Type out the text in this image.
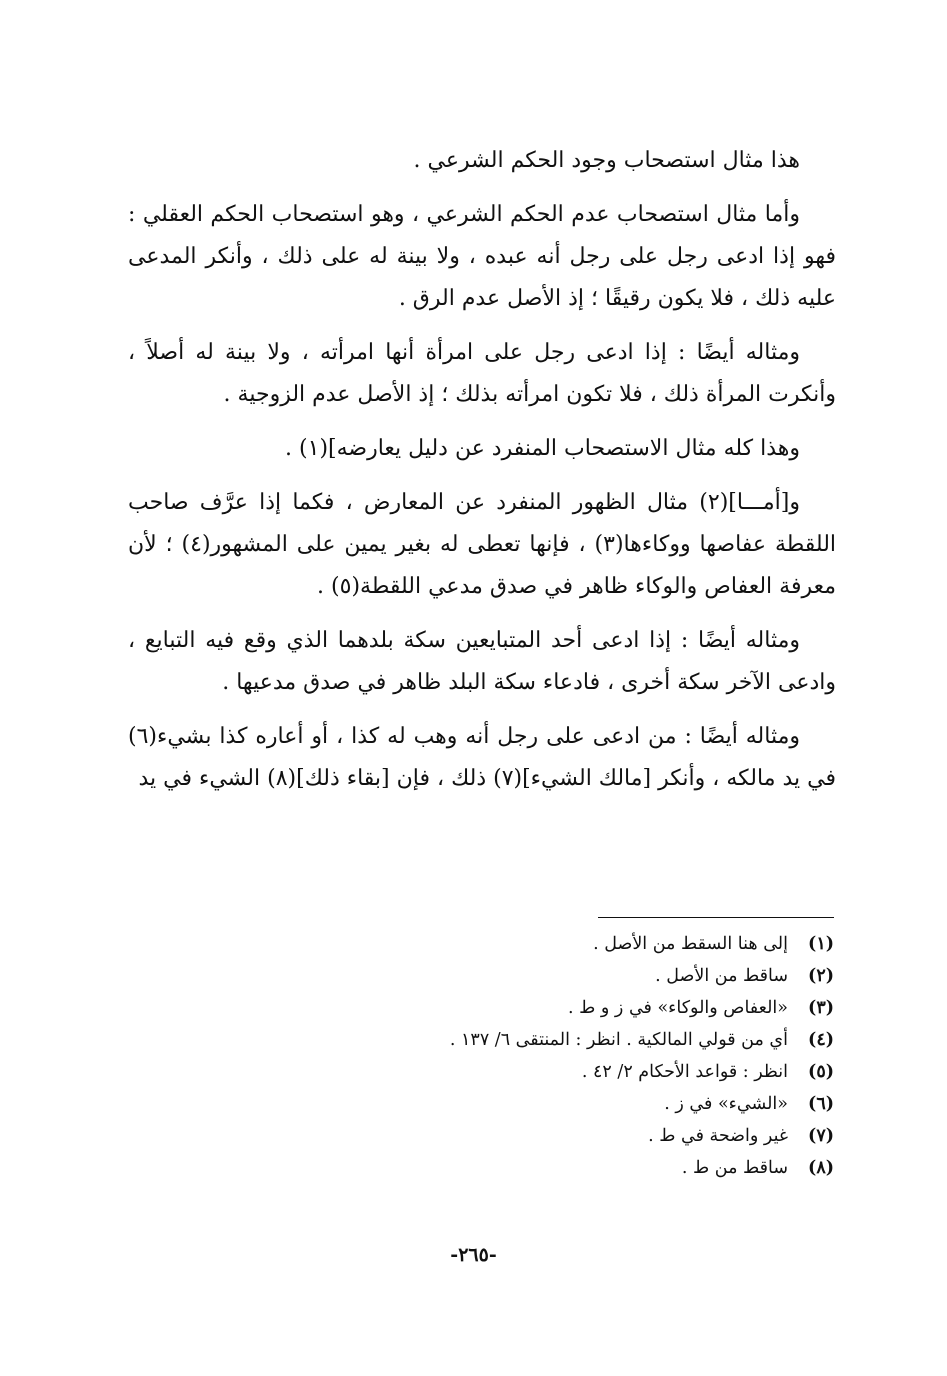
هذا مثال استصحاب وجود الحكم الشرعي .

وأما مثال استصحاب عدم الحكم الشرعي ، وهو استصحاب الحكم العقلي : فهو إذا ادعى رجل على رجل أنه عبده ، ولا بينة له على ذلك ، وأنكر المدعى عليه ذلك ، فلا يكون رقيقًا ؛ إذ الأصل عدم الرق .

ومثاله أيضًا : إذا ادعى رجل على امرأة أنها امرأته ، ولا بينة له أصلاً ، وأنكرت المرأة ذلك ، فلا تكون امرأته بذلك ؛ إذ الأصل عدم الزوجية .

وهذا كله مثال الاستصحاب المنفرد عن دليل يعارضه](١) .

و[أمـــا](٢) مثال الظهور المنفرد عن المعارض ، فكما إذا عرَّف صاحب اللقطة عفاصها ووكاءها(٣) ، فإنها تعطى له بغير يمين على المشهور(٤) ؛ لأن معرفة العفاص والوكاء ظاهر في صدق مدعي اللقطة(٥) .

ومثاله أيضًا : إذا ادعى أحد المتبايعين سكة بلدهما الذي وقع فيه التبايع ، وادعى الآخر سكة أخرى ، فادعاء سكة البلد ظاهر في صدق مدعيها .

ومثاله أيضًا : من ادعى على رجل أنه وهب له كذا ، أو أعاره كذا بشيء(٦) في يد مالكه ، وأنكر [مالك الشيء](٧) ذلك ، فإن [بقاء ذلك](٨) الشيء في يد

(١)
إلى هنا السقط من الأصل .
(٢)
ساقط من الأصل .
(٣)
«العفاص والوكاء» في ز و ط .
(٤)
أي من قولي المالكية . انظر : المنتقى ٦/ ١٣٧ .
(٥)
انظر : قواعد الأحكام ٢/ ٤٢ .
(٦)
«الشيء» في ز .
(٧)
غير واضحة في ط .
(٨)
ساقط من ط .
-٢٦٥-
